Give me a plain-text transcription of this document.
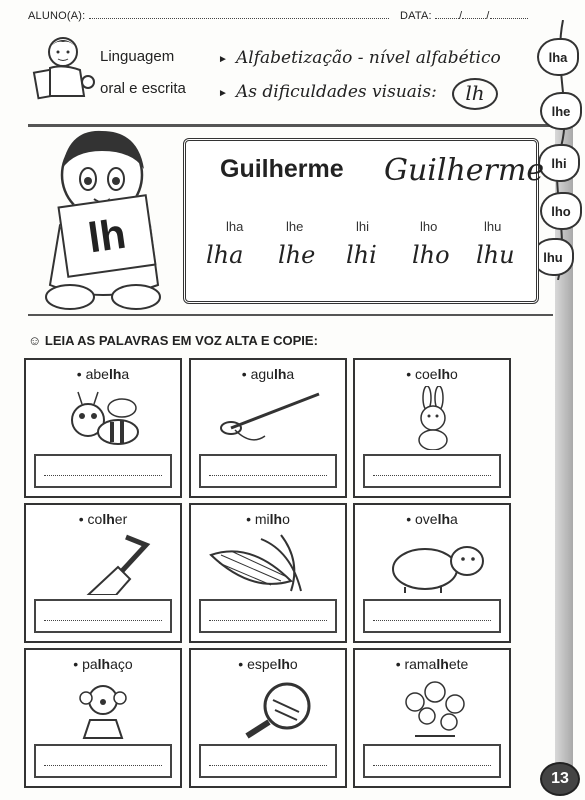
ALUNO(A):	DATA: / /
Linguagem
oral e escrita
► Alfabetização - nível alfabético
► As dificuldades visuais:	lh
lha
lhe
lhi
lho
lhu
lh
Guilherme Guilherme
lha	lhe	lhi	lho	lhu
lha lhe lhi lho lhu
☺ LEIA AS PALAVRAS EM VOZ ALTA E COPIE:
• abelha	• agulha	• coelho
• colher	• milho	• ovelha
• palhaço	• espelho	• ramalhete
13
